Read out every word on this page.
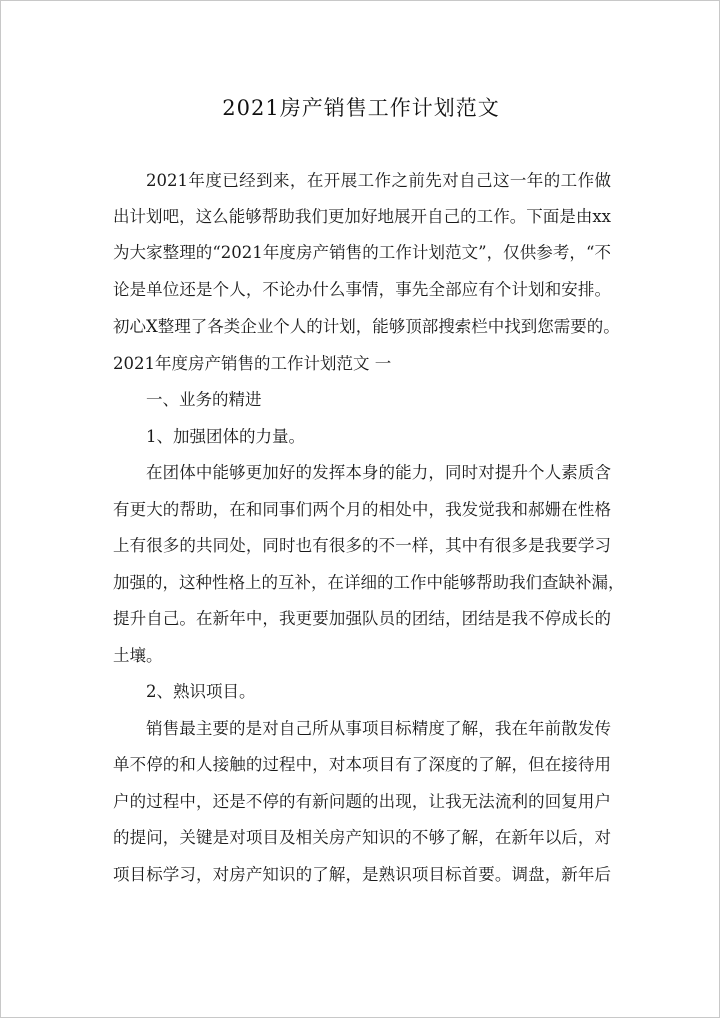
2021房产销售工作计划范文
2021年度已经到来，在开展工作之前先对自己这一年的工作做
出计划吧，这么能够帮助我们更加好地展开自己的工作。下面是由xx
为大家整理的“2021年度房产销售的工作计划范文”，仅供参考，“不
论是单位还是个人，不论办什么事情，事先全部应有个计划和安排。
初心X整理了各类企业个人的计划，能够顶部搜索栏中找到您需要的。
2021年度房产销售的工作计划范文 一
一、业务的精进
1、加强团体的力量。
在团体中能够更加好的发挥本身的能力，同时对提升个人素质含
有更大的帮助，在和同事们两个月的相处中，我发觉我和郝姗在性格
上有很多的共同处，同时也有很多的不一样，其中有很多是我要学习
加强的，这种性格上的互补，在详细的工作中能够帮助我们查缺补漏，
提升自己。在新年中，我更要加强队员的团结，团结是我不停成长的
土壤。
2、熟识项目。
销售最主要的是对自己所从事项目标精度了解，我在年前散发传
单不停的和人接触的过程中，对本项目有了深度的了解，但在接待用
户的过程中，还是不停的有新问题的出现，让我无法流利的回复用户
的提问，关键是对项目及相关房产知识的不够了解，在新年以后，对
项目标学习，对房产知识的了解，是熟识项目标首要。调盘，新年后
